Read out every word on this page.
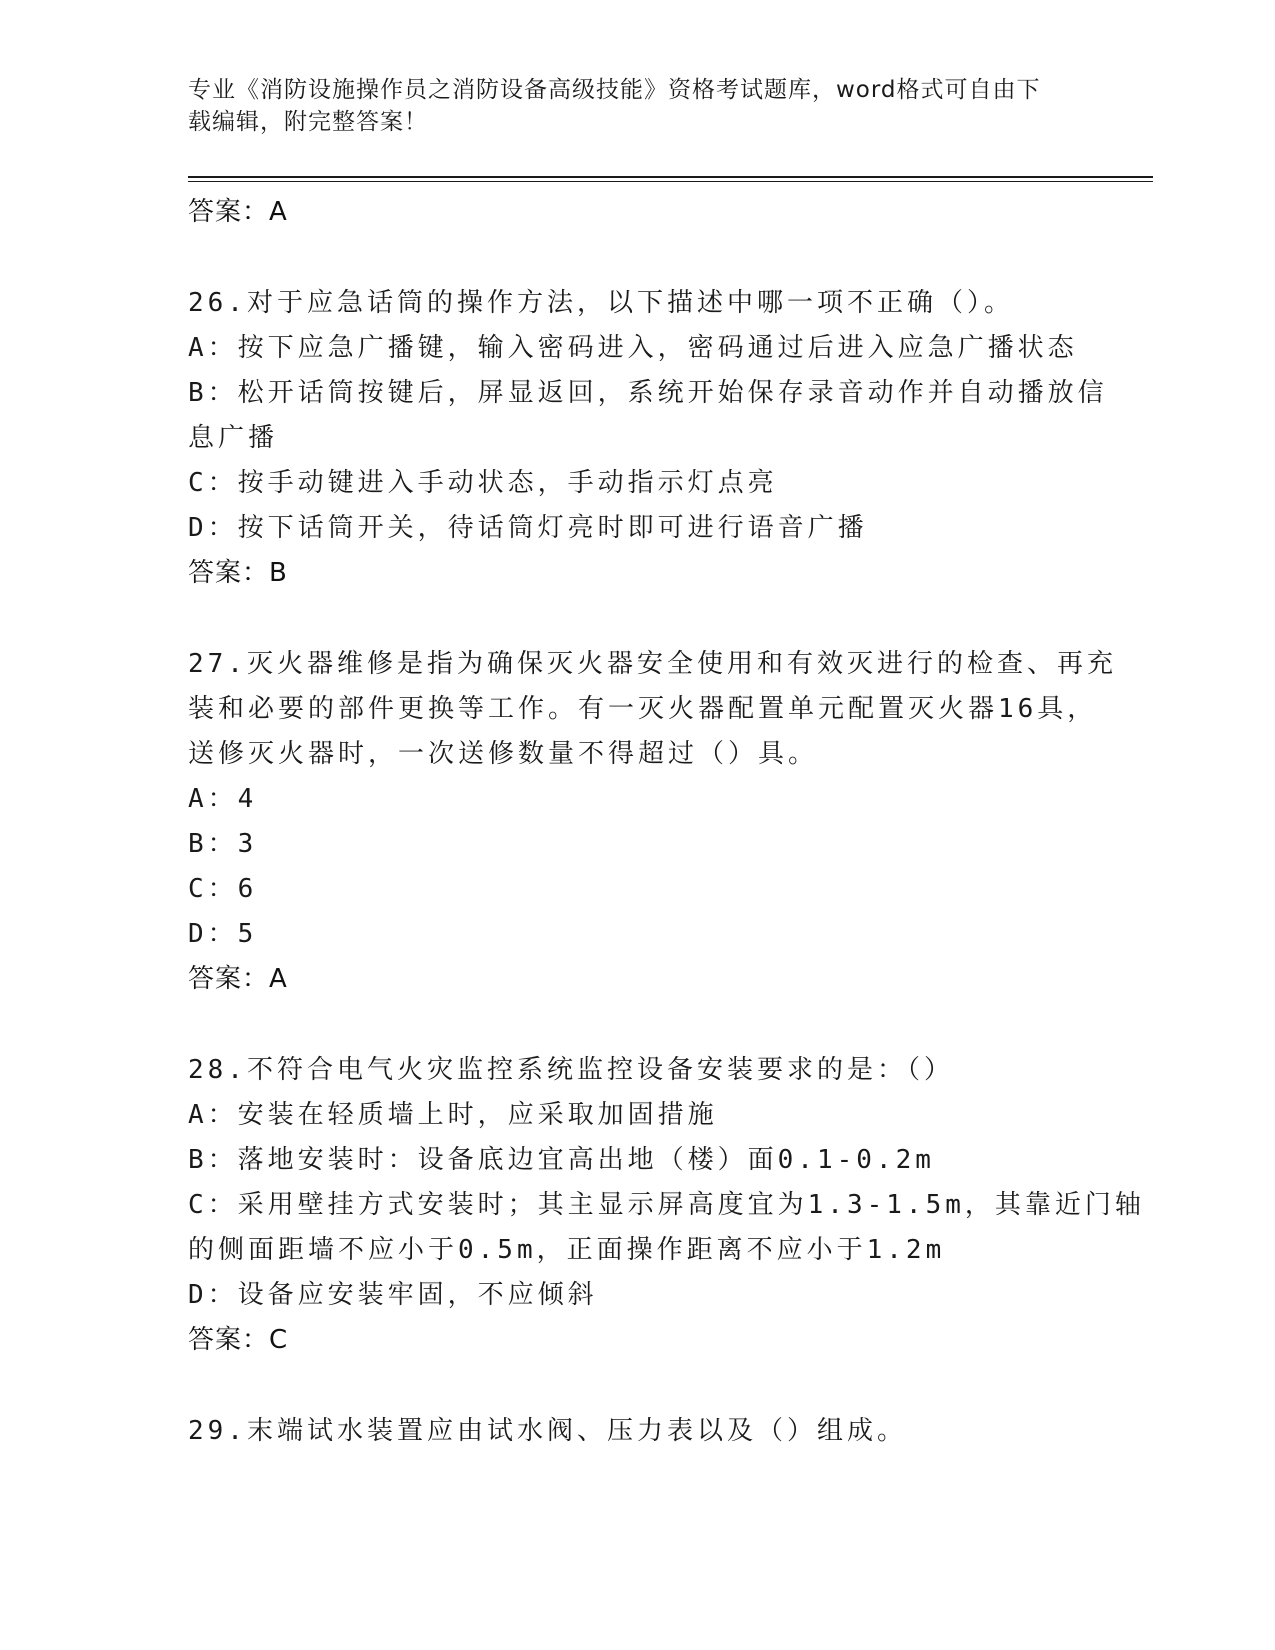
专业《消防设施操作员之消防设备高级技能》资格考试题库，word格式可自由下
载编辑，附完整答案！
答案：A
26.对于应急话筒的操作方法，以下描述中哪一项不正确（）。
A：按下应急广播键，输入密码进入，密码通过后进入应急广播状态
B：松开话筒按键后，屏显返回，系统开始保存录音动作并自动播放信
息广播
C：按手动键进入手动状态，手动指示灯点亮
D：按下话筒开关，待话筒灯亮时即可进行语音广播
答案：B
27.灭火器维修是指为确保灭火器安全使用和有效灭进行的检查、再充
装和必要的部件更换等工作。有一灭火器配置单元配置灭火器16具，
送修灭火器时，一次送修数量不得超过（）具。
A：4
B：3
C：6
D：5
答案：A
28.不符合电气火灾监控系统监控设备安装要求的是：（）
A：安装在轻质墙上时，应采取加固措施
B：落地安装时：设备底边宜高出地（楼）面0.1-0.2m
C：采用壁挂方式安装时；其主显示屏高度宜为1.3-1.5m，其靠近门轴
的侧面距墙不应小于0.5m，正面操作距离不应小于1.2m
D：设备应安装牢固，不应倾斜
答案：C
29.末端试水装置应由试水阀、压力表以及（）组成。
